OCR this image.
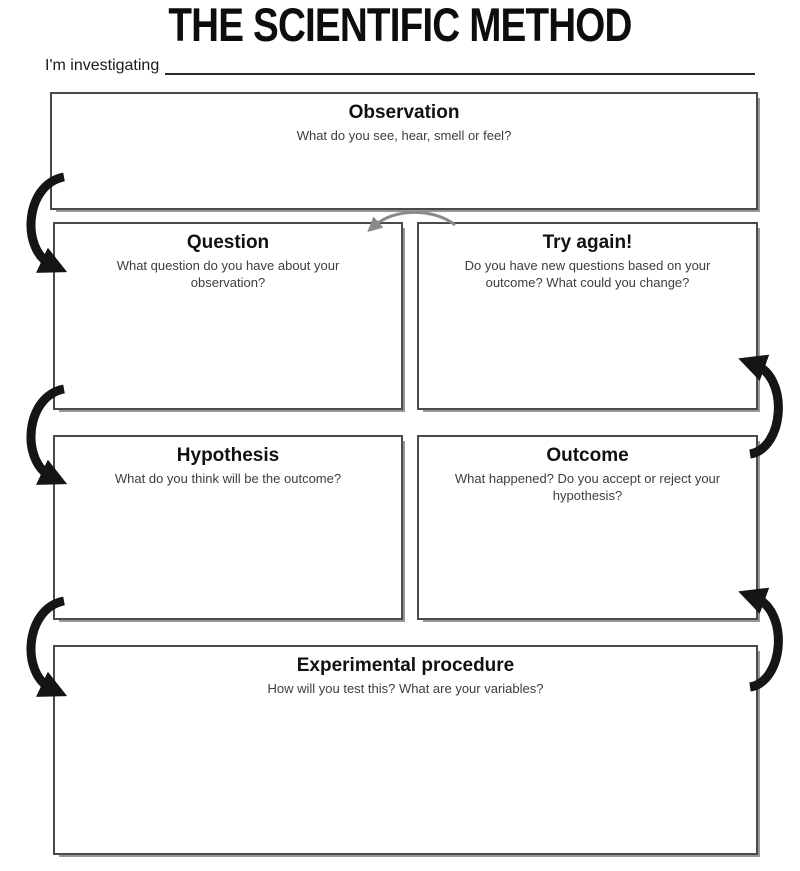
THE SCIENTIFIC METHOD
I'm investigating
Observation

What do you see, hear, smell or feel?

Question

What question do you have about your observation?

Try again!

Do you have new questions based on your outcome? What could you change?

Hypothesis

What do you think will be the outcome?

Outcome

What happened? Do you accept or reject your hypothesis?

Experimental procedure

How will you test this? What are your variables?
